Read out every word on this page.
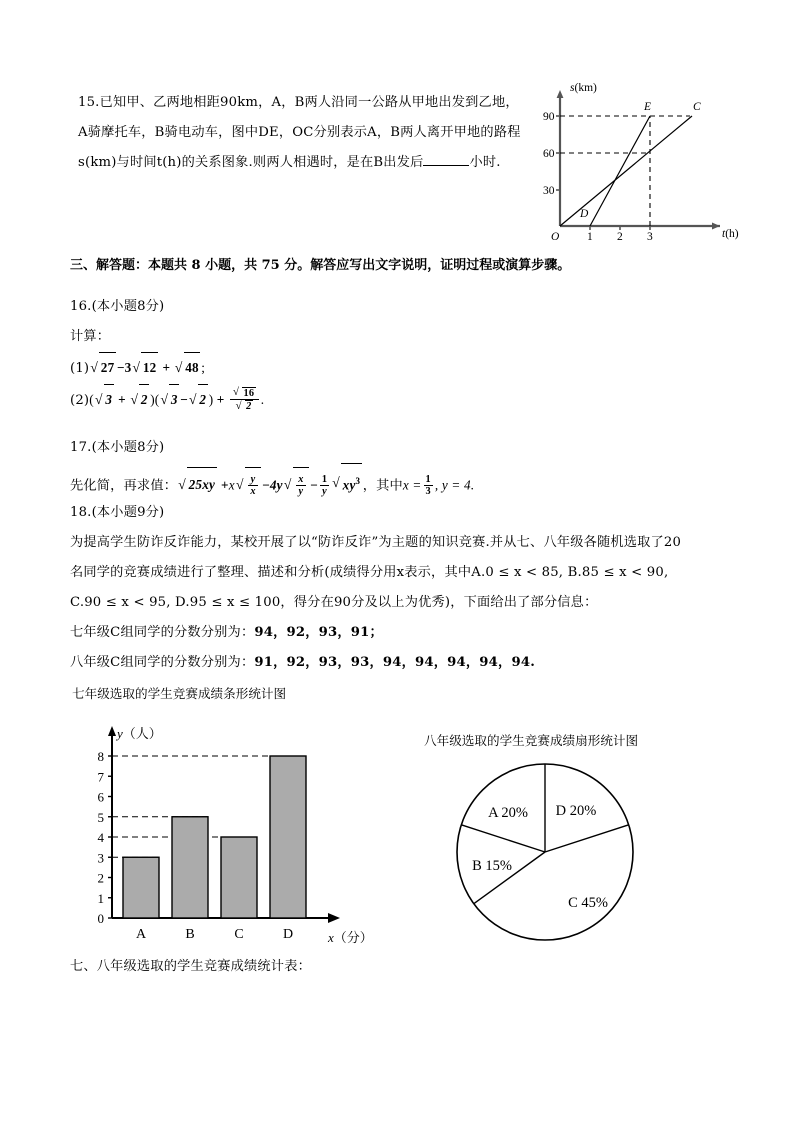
15.已知甲、乙两地相距90km，A，B两人沿同一公路从甲地出发到乙地，
A骑摩托车，B骑电动车，图中DE，OC分别表示A，B两人离开甲地的路程
s(km)与时间t(h)的关系图象.则两人相遇时，是在B出发后	小时.
s(km)
t(h)
90
60
30
1 2 3
O
D
E	C
三、解答题：本题共 8 小题，共 75 分。解答应写出文字说明，证明过程或演算步骤。
16.(本小题8分)
计算：
(1) √ 27 −3 √ 12 + √ 48 ;
(2)( √ 3 + √ 2 )( √ 3 − √ 2 ) + $\frac{√ 16}{√ 2}$ .
17.(本小题8分)
先化简，再求值： √ 25xy +x √ $\frac{y}{x} -4y$ √ $\frac{x}{y} - \frac{1}{y}$ √ $xy^3$ ，其中$x = \frac{1}{3}$ , y = 4.
18.(本小题9分)
为提高学生防诈反诈能力，某校开展了以“防诈反诈”为主题的知识竞赛.并从七、八年级各随机选取了20
名同学的竞赛成绩进行了整理、描述和分析(成绩得分用x表示，其中A.0 ≤ x < 85, B.85 ≤ x < 90,
C.90 ≤ x < 95, D.95 ≤ x ≤ 100，得分在90分及以上为优秀)，下面给出了部分信息：
七年级C组同学的分数分别为：94，92，93，91；
八年级C组同学的分数分别为：91，92，93，93，94，94，94，94，94.
七年级选取的学生竞赛成绩条形统计图
0
1
2
3
4
5
6
7
8
A	B	C	D
y（人）
x（分）
八年级选取的学生竞赛成绩扇形统计图
D 20%
C 45%
B 15%
A 20%
七、八年级选取的学生竞赛成绩统计表：
